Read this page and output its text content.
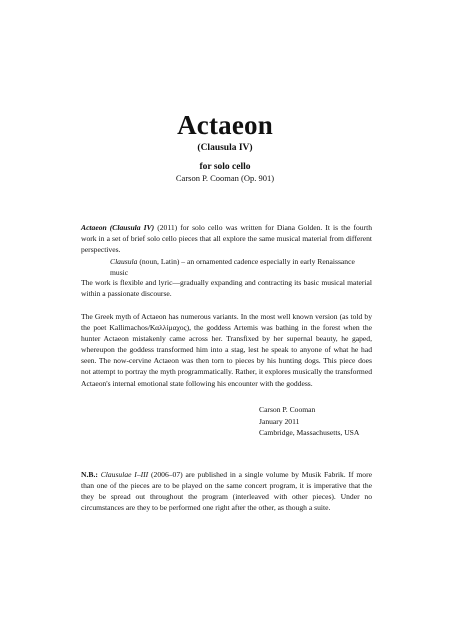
Actaeon
(Clausula IV)
for solo cello
Carson P. Cooman (Op. 901)

Actaeon (Clausula IV) (2011) for solo cello was written for Diana Golden. It is the fourth work in a set of brief solo cello pieces that all explore the same musical material from different perspectives.

Clausula (noun, Latin) – an ornamented cadence especially in early Renaissance music

The work is flexible and lyric—gradually expanding and contracting its basic musical material within a passionate discourse.

The Greek myth of Actaeon has numerous variants. In the most well known version (as told by the poet Kallimachos/Καλλίμαχος), the goddess Artemis was bathing in the forest when the hunter Actaeon mistakenly came across her. Transfixed by her supernal beauty, he gaped, whereupon the goddess transformed him into a stag, lest he speak to anyone of what he had seen. The now-cervine Actaeon was then torn to pieces by his hunting dogs. This piece does not attempt to portray the myth programmatically. Rather, it explores musically the transformed Actaeon's internal emotional state following his encounter with the goddess.

Carson P. Cooman
January 2011
Cambridge, Massachusetts, USA

N.B.: Clausulae I–III (2006–07) are published in a single volume by Musik Fabrik. If more than one of the pieces are to be played on the same concert program, it is imperative that the they be spread out throughout the program (interleaved with other pieces). Under no circumstances are they to be performed one right after the other, as though a suite.
